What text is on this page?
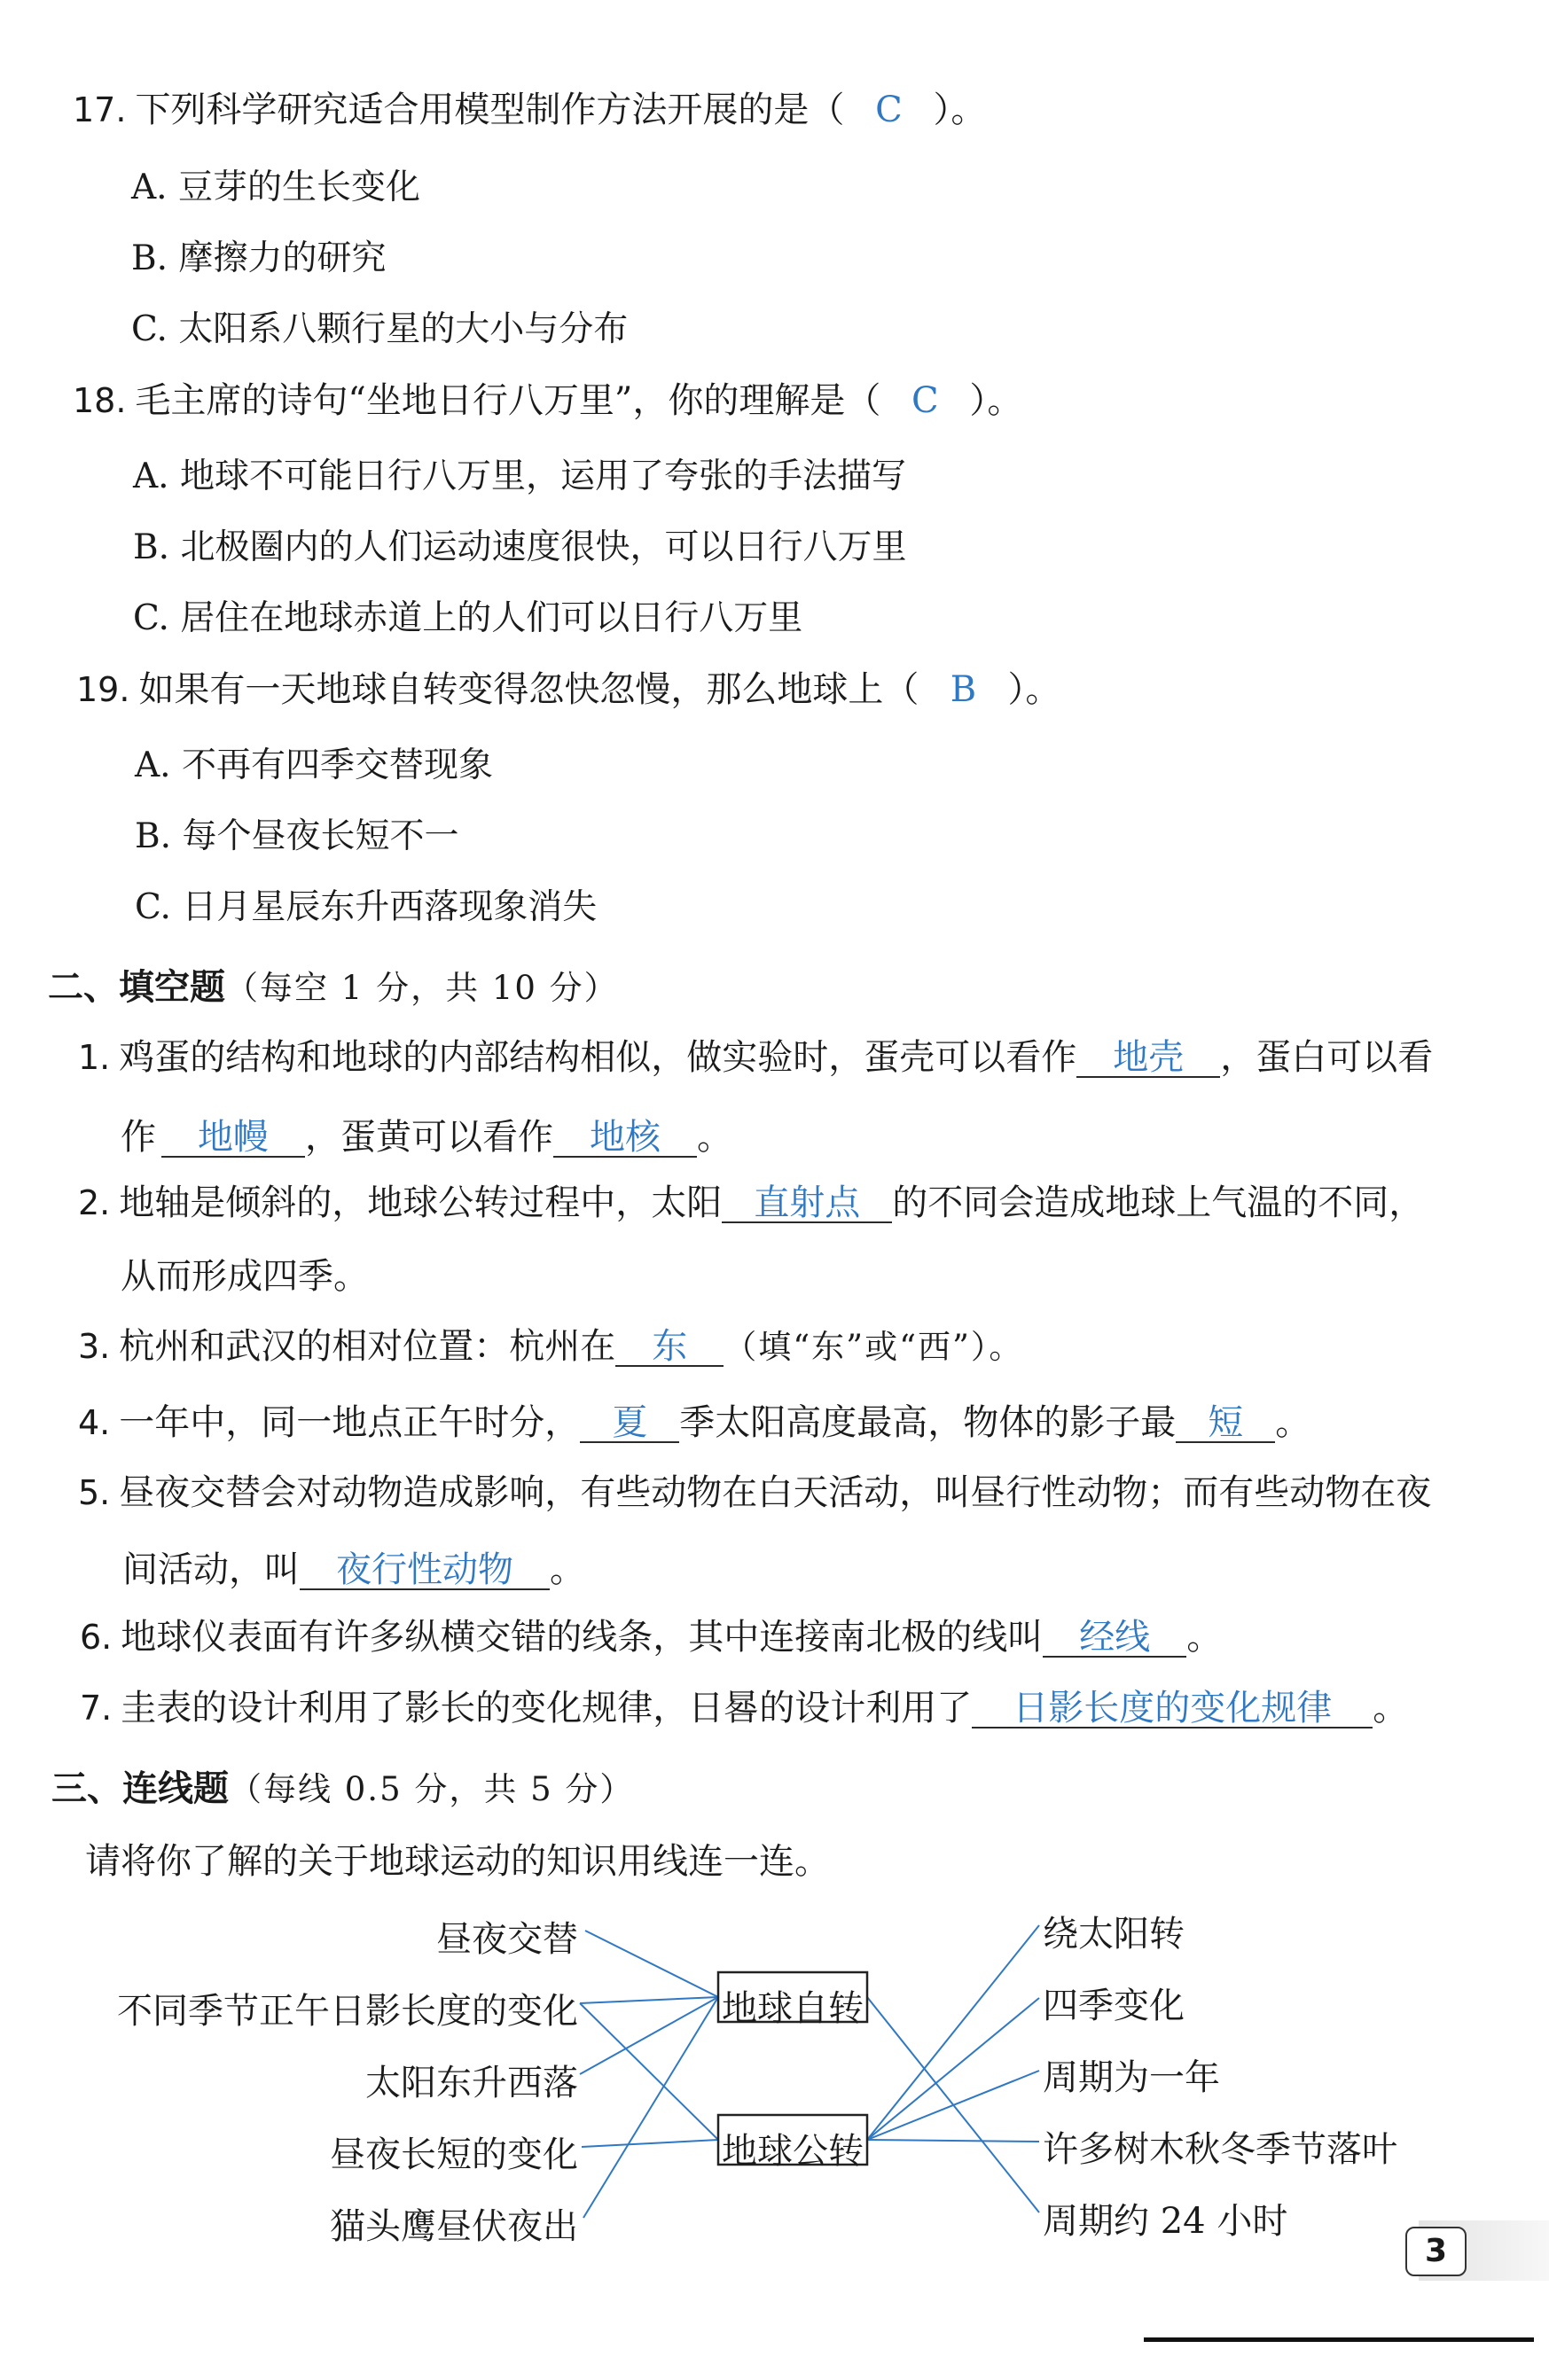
17. 下列科学研究适合用模型制作方法开展的是（ C ）。
A. 豆芽的生长变化
B. 摩擦力的研究
C. 太阳系八颗行星的大小与分布
18. 毛主席的诗句“坐地日行八万里”，你的理解是（ C ）。
A. 地球不可能日行八万里，运用了夸张的手法描写
B. 北极圈内的人们运动速度很快，可以日行八万里
C. 居住在地球赤道上的人们可以日行八万里
19. 如果有一天地球自转变得忽快忽慢，那么地球上（ B ）。
A. 不再有四季交替现象
B. 每个昼夜长短不一
C. 日月星辰东升西落现象消失
二、填空题（每空 1 分，共 10 分）
1. 鸡蛋的结构和地球的内部结构相似，做实验时，蛋壳可以看作 地壳 ，蛋白可以看
作 地幔 ，蛋黄可以看作 地核 。
2. 地轴是倾斜的，地球公转过程中，太阳 直射点 的不同会造成地球上气温的不同，
从而形成四季。
3. 杭州和武汉的相对位置：杭州在 东 （填“东”或“西”）。
4. 一年中，同一地点正午时分， 夏 季太阳高度最高，物体的影子最 短 。
5. 昼夜交替会对动物造成影响，有些动物在白天活动，叫昼行性动物；而有些动物在夜
间活动，叫 夜行性动物 。
6. 地球仪表面有许多纵横交错的线条，其中连接南北极的线叫 经线 。
7. 圭表的设计利用了影长的变化规律，日晷的设计利用了 日影长度的变化规律 。
三、连线题（每线 0.5 分，共 5 分）
请将你了解的关于地球运动的知识用线连一连。
地球自转
地球公转
昼夜交替
不同季节正午日影长度的变化
太阳东升西落
昼夜长短的变化
猫头鹰昼伏夜出
绕太阳转
四季变化
周期为一年
许多树木秋冬季节落叶
周期约 24 小时
3
